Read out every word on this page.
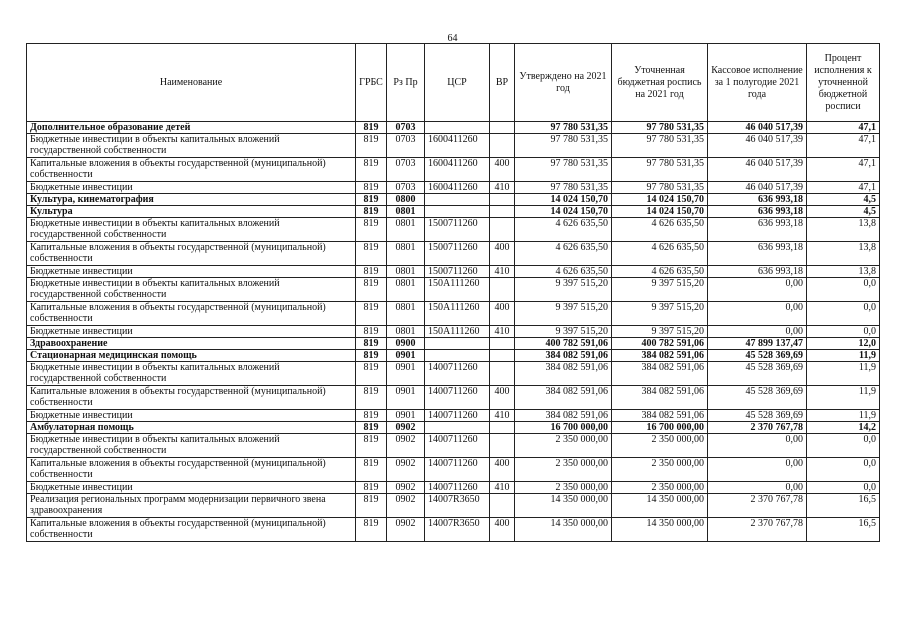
64
Наименование	ГРБС	Рз Пр	ЦСР	ВР	Утверждено на 2021 год	Уточненная бюджетная роспись на 2021 год	Кассовое исполнение за 1 полугодие 2021 года	Процент исполнения к уточненной бюджетной росписи
Дополнительное образование детей	819	0703			97 780 531,35	97 780 531,35	46 040 517,39	47,1
Бюджетные инвестиции в объекты капитальных вложений государственной собственности	819	0703	1600411260		97 780 531,35	97 780 531,35	46 040 517,39	47,1
Капитальные вложения в объекты государственной (муниципальной) собственности	819	0703	1600411260	400	97 780 531,35	97 780 531,35	46 040 517,39	47,1
Бюджетные инвестиции	819	0703	1600411260	410	97 780 531,35	97 780 531,35	46 040 517,39	47,1
Культура, кинематография	819	0800			14 024 150,70	14 024 150,70	636 993,18	4,5
Культура	819	0801			14 024 150,70	14 024 150,70	636 993,18	4,5
Бюджетные инвестиции в объекты капитальных вложений государственной собственности	819	0801	1500711260		4 626 635,50	4 626 635,50	636 993,18	13,8
Капитальные вложения в объекты государственной (муниципальной) собственности	819	0801	1500711260	400	4 626 635,50	4 626 635,50	636 993,18	13,8
Бюджетные инвестиции	819	0801	1500711260	410	4 626 635,50	4 626 635,50	636 993,18	13,8
Бюджетные инвестиции в объекты капитальных вложений государственной собственности	819	0801	150A111260		9 397 515,20	9 397 515,20	0,00	0,0
Капитальные вложения в объекты государственной (муниципальной) собственности	819	0801	150A111260	400	9 397 515,20	9 397 515,20	0,00	0,0
Бюджетные инвестиции	819	0801	150A111260	410	9 397 515,20	9 397 515,20	0,00	0,0
Здравоохранение	819	0900			400 782 591,06	400 782 591,06	47 899 137,47	12,0
Стационарная медицинская помощь	819	0901			384 082 591,06	384 082 591,06	45 528 369,69	11,9
Бюджетные инвестиции в объекты капитальных вложений государственной собственности	819	0901	1400711260		384 082 591,06	384 082 591,06	45 528 369,69	11,9
Капитальные вложения в объекты государственной (муниципальной) собственности	819	0901	1400711260	400	384 082 591,06	384 082 591,06	45 528 369,69	11,9
Бюджетные инвестиции	819	0901	1400711260	410	384 082 591,06	384 082 591,06	45 528 369,69	11,9
Амбулаторная помощь	819	0902			16 700 000,00	16 700 000,00	2 370 767,78	14,2
Бюджетные инвестиции в объекты капитальных вложений государственной собственности	819	0902	1400711260		2 350 000,00	2 350 000,00	0,00	0,0
Капитальные вложения в объекты государственной (муниципальной) собственности	819	0902	1400711260	400	2 350 000,00	2 350 000,00	0,00	0,0
Бюджетные инвестиции	819	0902	1400711260	410	2 350 000,00	2 350 000,00	0,00	0,0
Реализация региональных программ модернизации первичного звена здравоохранения	819	0902	14007R3650		14 350 000,00	14 350 000,00	2 370 767,78	16,5
Капитальные вложения в объекты государственной (муниципальной) собственности	819	0902	14007R3650	400	14 350 000,00	14 350 000,00	2 370 767,78	16,5
